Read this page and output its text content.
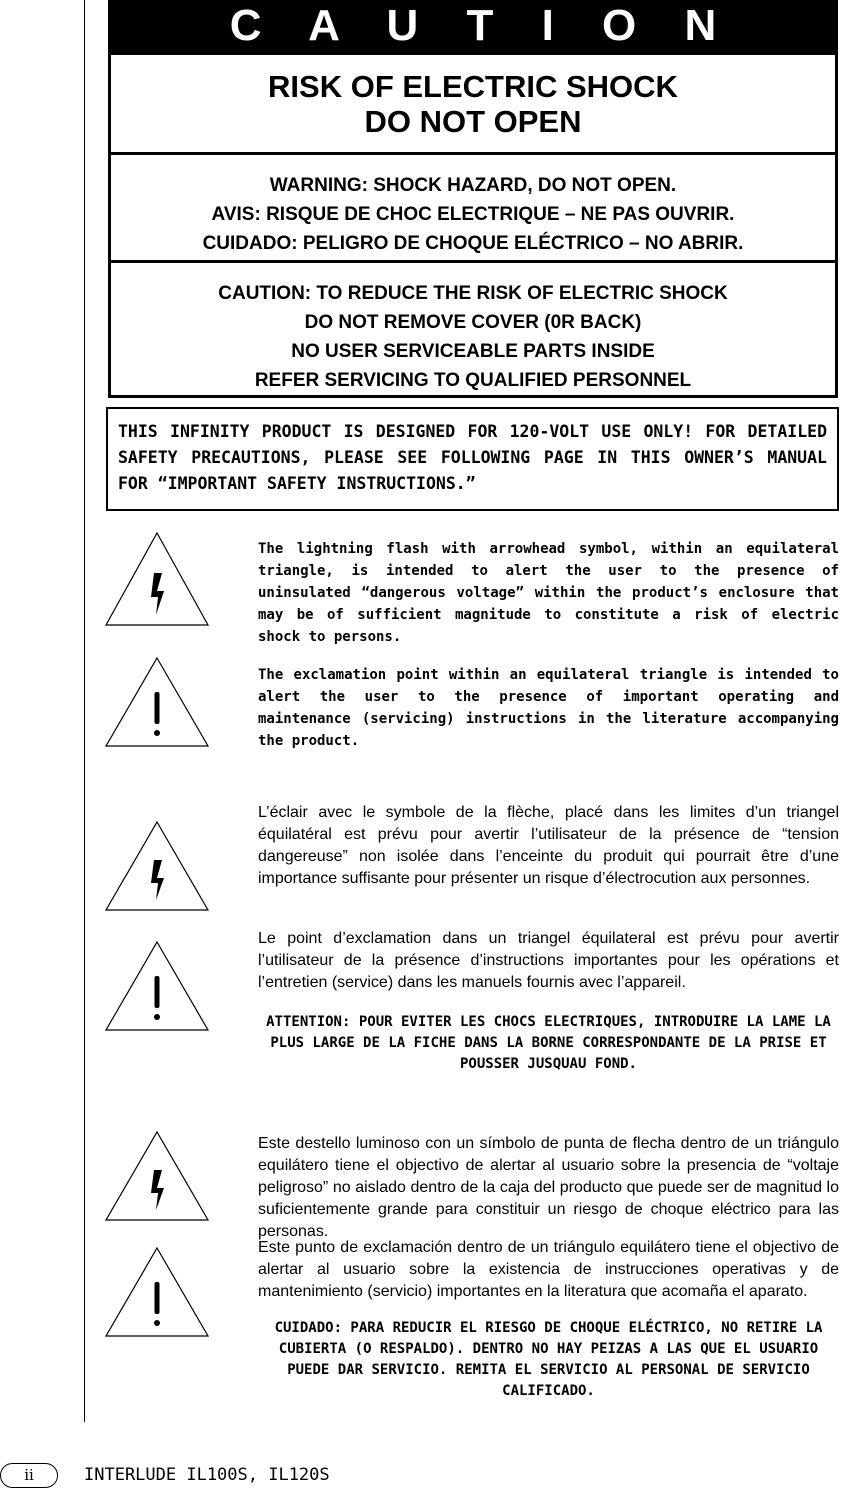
C A U T I O N
RISK OF ELECTRIC SHOCK
DO NOT OPEN
WARNING: SHOCK HAZARD, DO NOT OPEN.
AVIS: RISQUE DE CHOC ELECTRIQUE – NE PAS OUVRIR.
CUIDADO: PELIGRO DE CHOQUE ELÉCTRICO – NO ABRIR.
CAUTION: TO REDUCE THE RISK OF ELECTRIC SHOCK
DO NOT REMOVE COVER (0R BACK)
NO USER SERVICEABLE PARTS INSIDE
REFER SERVICING TO QUALIFIED PERSONNEL
THIS INFINITY PRODUCT IS DESIGNED FOR 120-VOLT USE ONLY! FOR DETAILED SAFETY PRECAUTIONS, PLEASE SEE FOLLOWING PAGE IN THIS OWNER’S MANUAL FOR “IMPORTANT SAFETY INSTRUCTIONS.”
The lightning flash with arrowhead symbol, within an equilateral triangle, is intended to alert the user to the presence of uninsulated “dangerous voltage” within the product’s enclosure that may be of sufficient magnitude to constitute a risk of electric shock to persons.
The exclamation point within an equilateral triangle is intended to alert the user to the presence of important operating and maintenance (servicing) instructions in the literature accompanying the product.
L’éclair avec le symbole de la flèche, placé dans les limites d’un triangel équilatéral est prévu pour avertir l’utilisateur de la présence de “tension dangereuse” non isolée dans l’enceinte du produit qui pourrait être d’une importance suffisante pour présenter un risque d’électrocution aux personnes.
Le point d’exclamation dans un triangel équilateral est prévu pour avertir l’utilisateur de la présence d’instructions importantes pour les opérations et l’entretien (service) dans les manuels fournis avec l’appareil.
ATTENTION: POUR EVITER LES CHOCS ELECTRIQUES, INTRODUIRE LA LAME LA PLUS LARGE DE LA FICHE DANS LA BORNE CORRESPONDANTE DE LA PRISE ET POUSSER JUSQUAU FOND.
Este destello luminoso con un símbolo de punta de flecha dentro de un triángulo equilátero tiene el objectivo de alertar al usuario sobre la presencia de “voltaje peligroso” no aislado dentro de la caja del producto que puede ser de magnitud lo suficientemente grande para constituir un riesgo de choque eléctrico para las personas.
Este punto de exclamación dentro de un triángulo equilátero tiene el objectivo de alertar al usuario sobre la existencia de instrucciones operativas y de mantenimiento (servicio) importantes en la literatura que acomaña el aparato.
CUIDADO: PARA REDUCIR EL RIESGO DE CHOQUE ELÉCTRICO, NO RETIRE LA CUBIERTA (O RESPALDO). DENTRO NO HAY PEIZAS A LAS QUE EL USUARIO PUEDE DAR SERVICIO. REMITA EL SERVICIO AL PERSONAL DE SERVICIO CALIFICADO.
ii	INTERLUDE IL100S, IL120S
